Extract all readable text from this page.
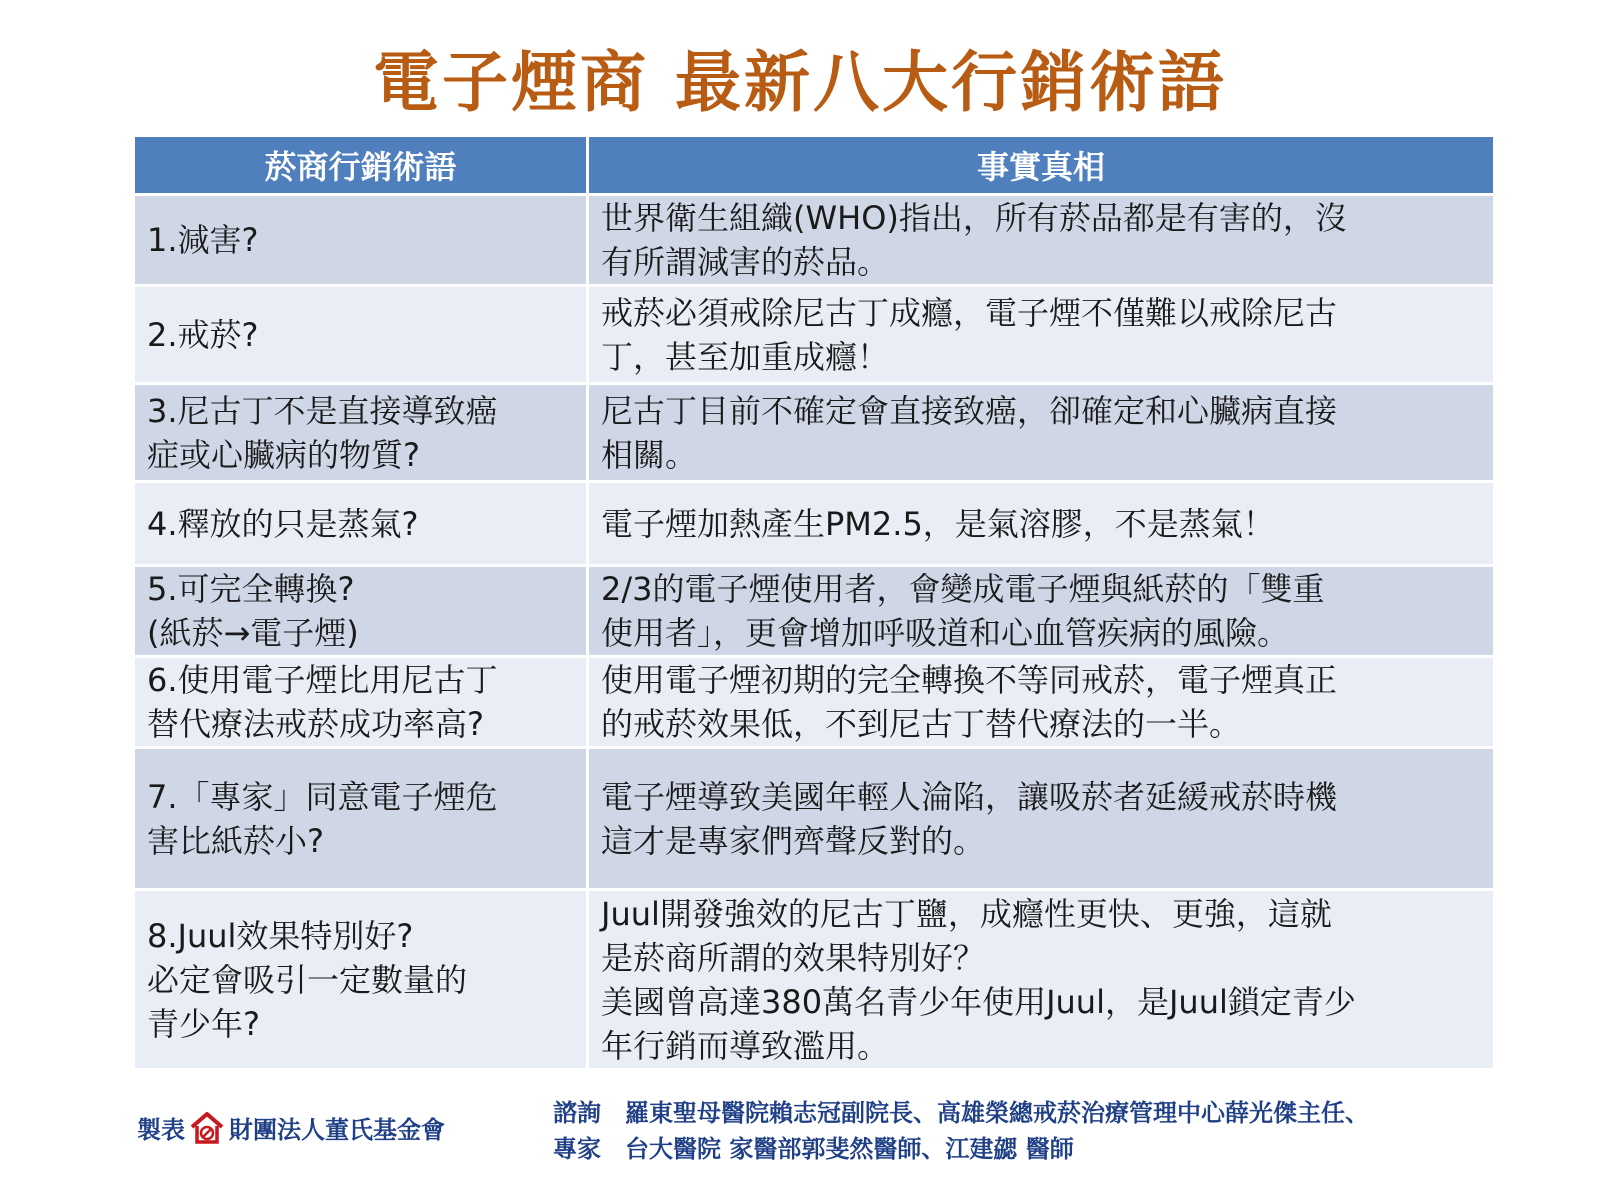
電子煙商 最新八大行銷術語
菸商行銷術語	事實真相
1.減害?	世界衛生組織(WHO)指出，所有菸品都是有害的，沒
有所謂減害的菸品。
2.戒菸?	戒菸必須戒除尼古丁成癮，電子煙不僅難以戒除尼古
丁，甚至加重成癮！
3.尼古丁不是直接導致癌
症或心臟病的物質?	尼古丁目前不確定會直接致癌，卻確定和心臟病直接
相關。
4.釋放的只是蒸氣?	電子煙加熱產生PM2.5，是氣溶膠，不是蒸氣！
5.可完全轉換?
(紙菸→電子煙)	2/3的電子煙使用者，會變成電子煙與紙菸的「雙重
使用者」，更會增加呼吸道和心血管疾病的風險。
6.使用電子煙比用尼古丁
替代療法戒菸成功率高?	使用電子煙初期的完全轉換不等同戒菸，電子煙真正
的戒菸效果低，不到尼古丁替代療法的一半。
7.「專家」同意電子煙危
害比紙菸小?	電子煙導致美國年輕人淪陷，讓吸菸者延緩戒菸時機
這才是專家們齊聲反對的。
8.Juul效果特別好?
必定會吸引一定數量的
青少年?	Juul開發強效的尼古丁鹽，成癮性更快、更強，這就
是菸商所謂的效果特別好？
美國曾高達380萬名青少年使用Juul，是Juul鎖定青少
年行銷而導致濫用。
製表 財團法人董氏基金會
諮詢	羅東聖母醫院賴志冠副院長、高雄榮總戒菸治療管理中心薛光傑主任、
專家	台大醫院 家醫部郭斐然醫師、江建勰 醫師
